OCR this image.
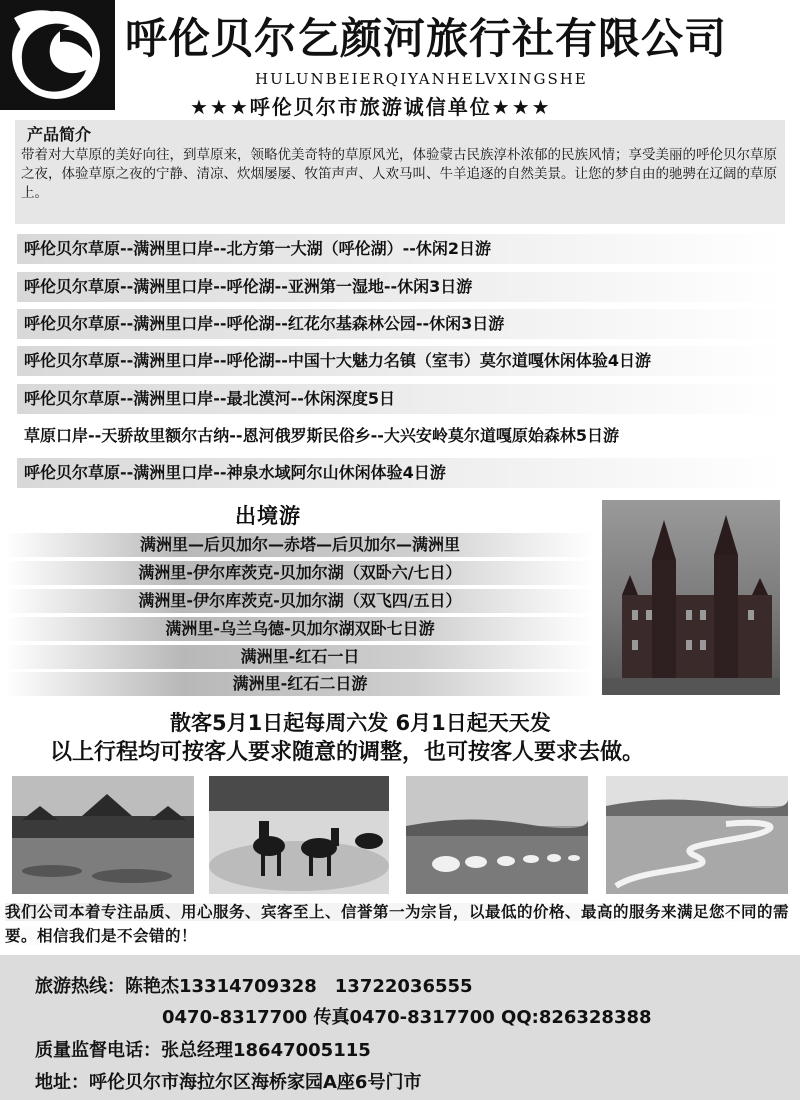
呼伦贝尔乞颜河旅行社有限公司
HULUNBEIERQIYANHELVXINGSHE
★★★呼伦贝尔市旅游诚信单位★★★
产品简介
带着对大草原的美好向往，到草原来，领略优美奇特的草原风光，体验蒙古民族淳朴浓郁的民族风情；享受美丽的呼伦贝尔草原之夜，体验草原之夜的宁静、清凉、炊烟屡屡、牧笛声声、人欢马叫、牛羊追逐的自然美景。让您的梦自由的驰骋在辽阔的草原上。
呼伦贝尔草原--满洲里口岸--北方第一大湖（呼伦湖）--休闲2日游
呼伦贝尔草原--满洲里口岸--呼伦湖--亚洲第一湿地--休闲3日游
呼伦贝尔草原--满洲里口岸--呼伦湖--红花尔基森林公园--休闲3日游
呼伦贝尔草原--满洲里口岸--呼伦湖--中国十大魅力名镇（室韦）莫尔道嘎休闲体验4日游
呼伦贝尔草原--满洲里口岸--最北漠河--休闲深度5日
草原口岸--天骄故里额尔古纳--恩河俄罗斯民俗乡--大兴安岭莫尔道嘎原始森林5日游
呼伦贝尔草原--满洲里口岸--神泉水域阿尔山休闲体验4日游
出境游
满洲里—后贝加尔—赤塔—后贝加尔—满洲里
满洲里-伊尔库茨克-贝加尔湖（双卧六/七日）
满洲里-伊尔库茨克-贝加尔湖（双飞四/五日）
满洲里-乌兰乌德-贝加尔湖双卧七日游
满洲里-红石一日
满洲里-红石二日游
散客5月1日起每周六发 6月1日起天天发
以上行程均可按客人要求随意的调整，也可按客人要求去做。
我们公司本着专注品质、用心服务、宾客至上、信誉第一为宗旨，以最低的价格、最高的服务来满足您不同的需要。相信我们是不会错的！
旅游热线：陈艳杰13314709328　13722036555
0470-8317700 传真0470-8317700 QQ:826328388
质量监督电话：张总经理18647005115
地址：呼伦贝尔市海拉尔区海桥家园A座6号门市
